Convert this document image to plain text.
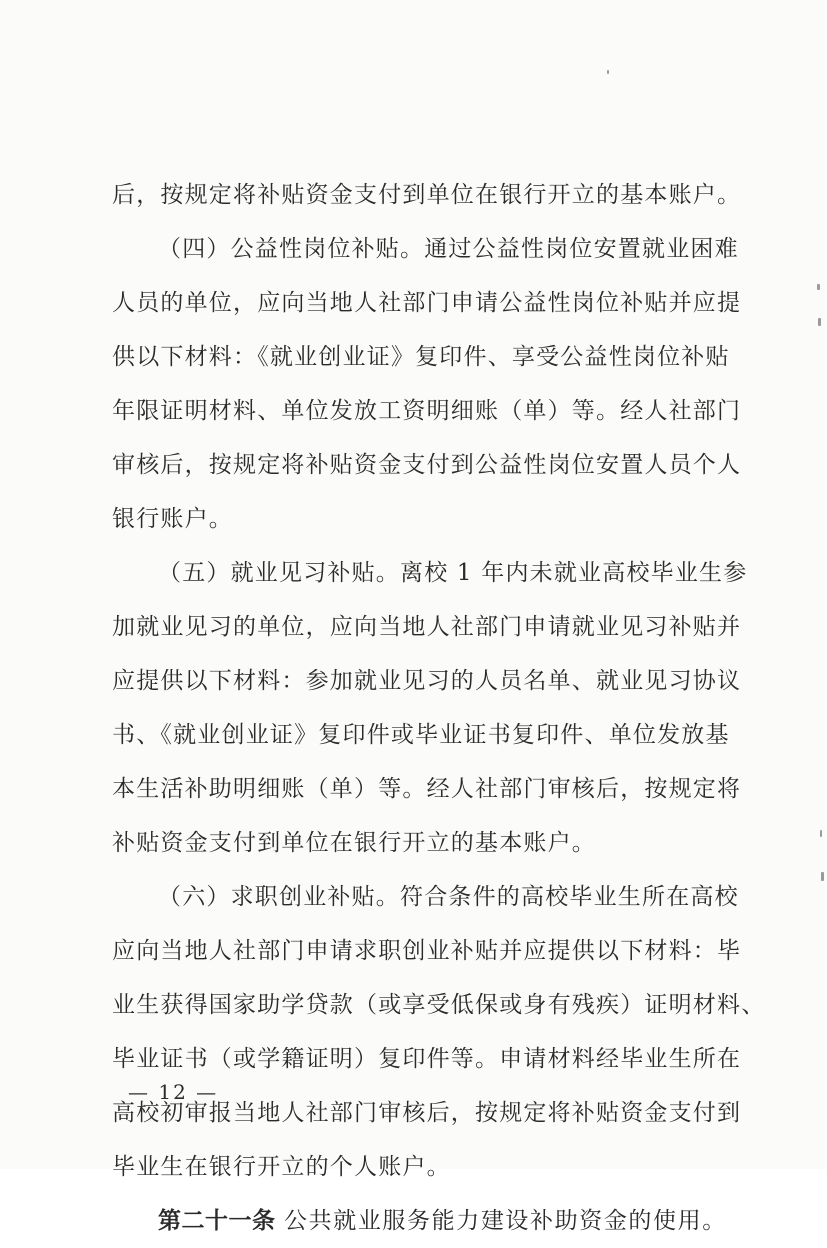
后，按规定将补贴资金支付到单位在银行开立的基本账户。
（四）公益性岗位补贴。通过公益性岗位安置就业困难
人员的单位，应向当地人社部门申请公益性岗位补贴并应提
供以下材料：《就业创业证》复印件、享受公益性岗位补贴
年限证明材料、单位发放工资明细账（单）等。经人社部门
审核后，按规定将补贴资金支付到公益性岗位安置人员个人
银行账户。
（五）就业见习补贴。离校 1 年内未就业高校毕业生参
加就业见习的单位，应向当地人社部门申请就业见习补贴并
应提供以下材料：参加就业见习的人员名单、就业见习协议
书、《就业创业证》复印件或毕业证书复印件、单位发放基
本生活补助明细账（单）等。经人社部门审核后，按规定将
补贴资金支付到单位在银行开立的基本账户。
（六）求职创业补贴。符合条件的高校毕业生所在高校
应向当地人社部门申请求职创业补贴并应提供以下材料：毕
业生获得国家助学贷款（或享受低保或身有残疾）证明材料、
毕业证书（或学籍证明）复印件等。申请材料经毕业生所在
高校初审报当地人社部门审核后，按规定将补贴资金支付到
毕业生在银行开立的个人账户。
第二十一条 公共就业服务能力建设补助资金的使用。
— 12 —
